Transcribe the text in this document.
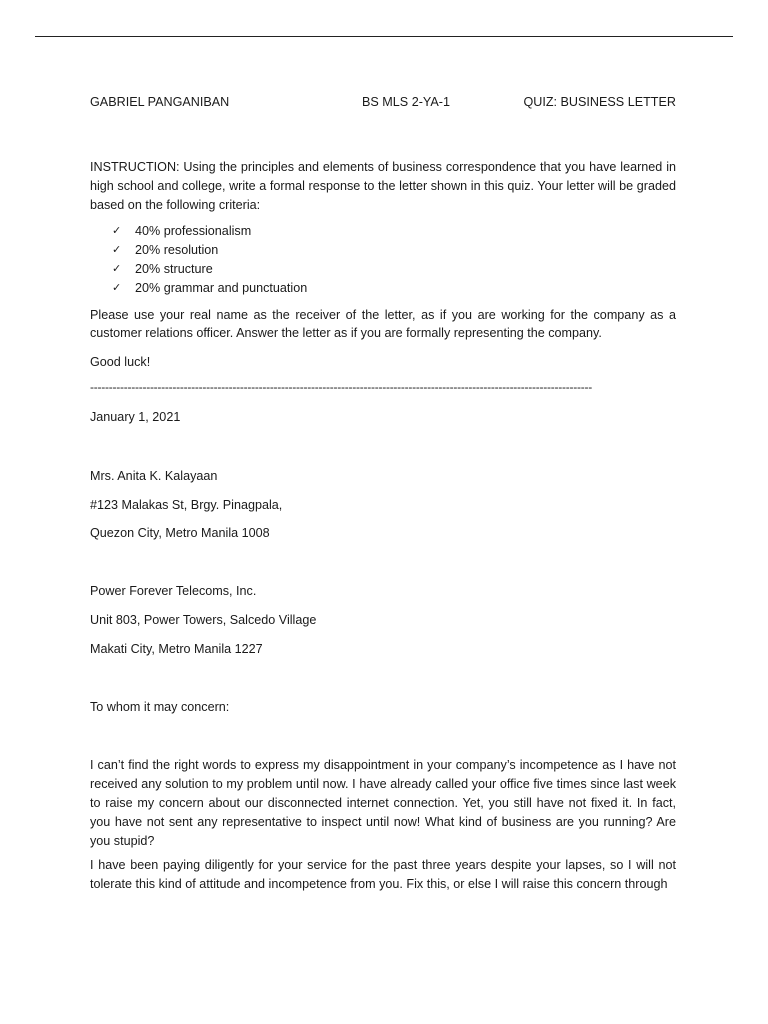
GABRIEL PANGANIBAN	BS MLS 2-YA-1	QUIZ: BUSINESS LETTER

INSTRUCTION: Using the principles and elements of business correspondence that you have learned in high school and college, write a formal response to the letter shown in this quiz. Your letter will be graded based on the following criteria:

✓ 40% professionalism
✓ 20% resolution
✓ 20% structure
✓ 20% grammar and punctuation

Please use your real name as the receiver of the letter, as if you are working for the company as a customer relations officer. Answer the letter as if you are formally representing the company.

Good luck!

--------------------------------------------------------------------------------------------------------------------------------------
January 1, 2021
Mrs. Anita K. Kalayaan
#123 Malakas St, Brgy. Pinagpala,
Quezon City, Metro Manila 1008
Power Forever Telecoms, Inc.
Unit 803, Power Towers, Salcedo Village
Makati City, Metro Manila 1227
To whom it may concern:

I can’t find the right words to express my disappointment in your company’s incompetence as I have not received any solution to my problem until now. I have already called your office five times since last week to raise my concern about our disconnected internet connection. Yet, you still have not fixed it. In fact, you have not sent any representative to inspect until now! What kind of business are you running? Are you stupid?

I have been paying diligently for your service for the past three years despite your lapses, so I will not tolerate this kind of attitude and incompetence from you. Fix this, or else I will raise this concern through
